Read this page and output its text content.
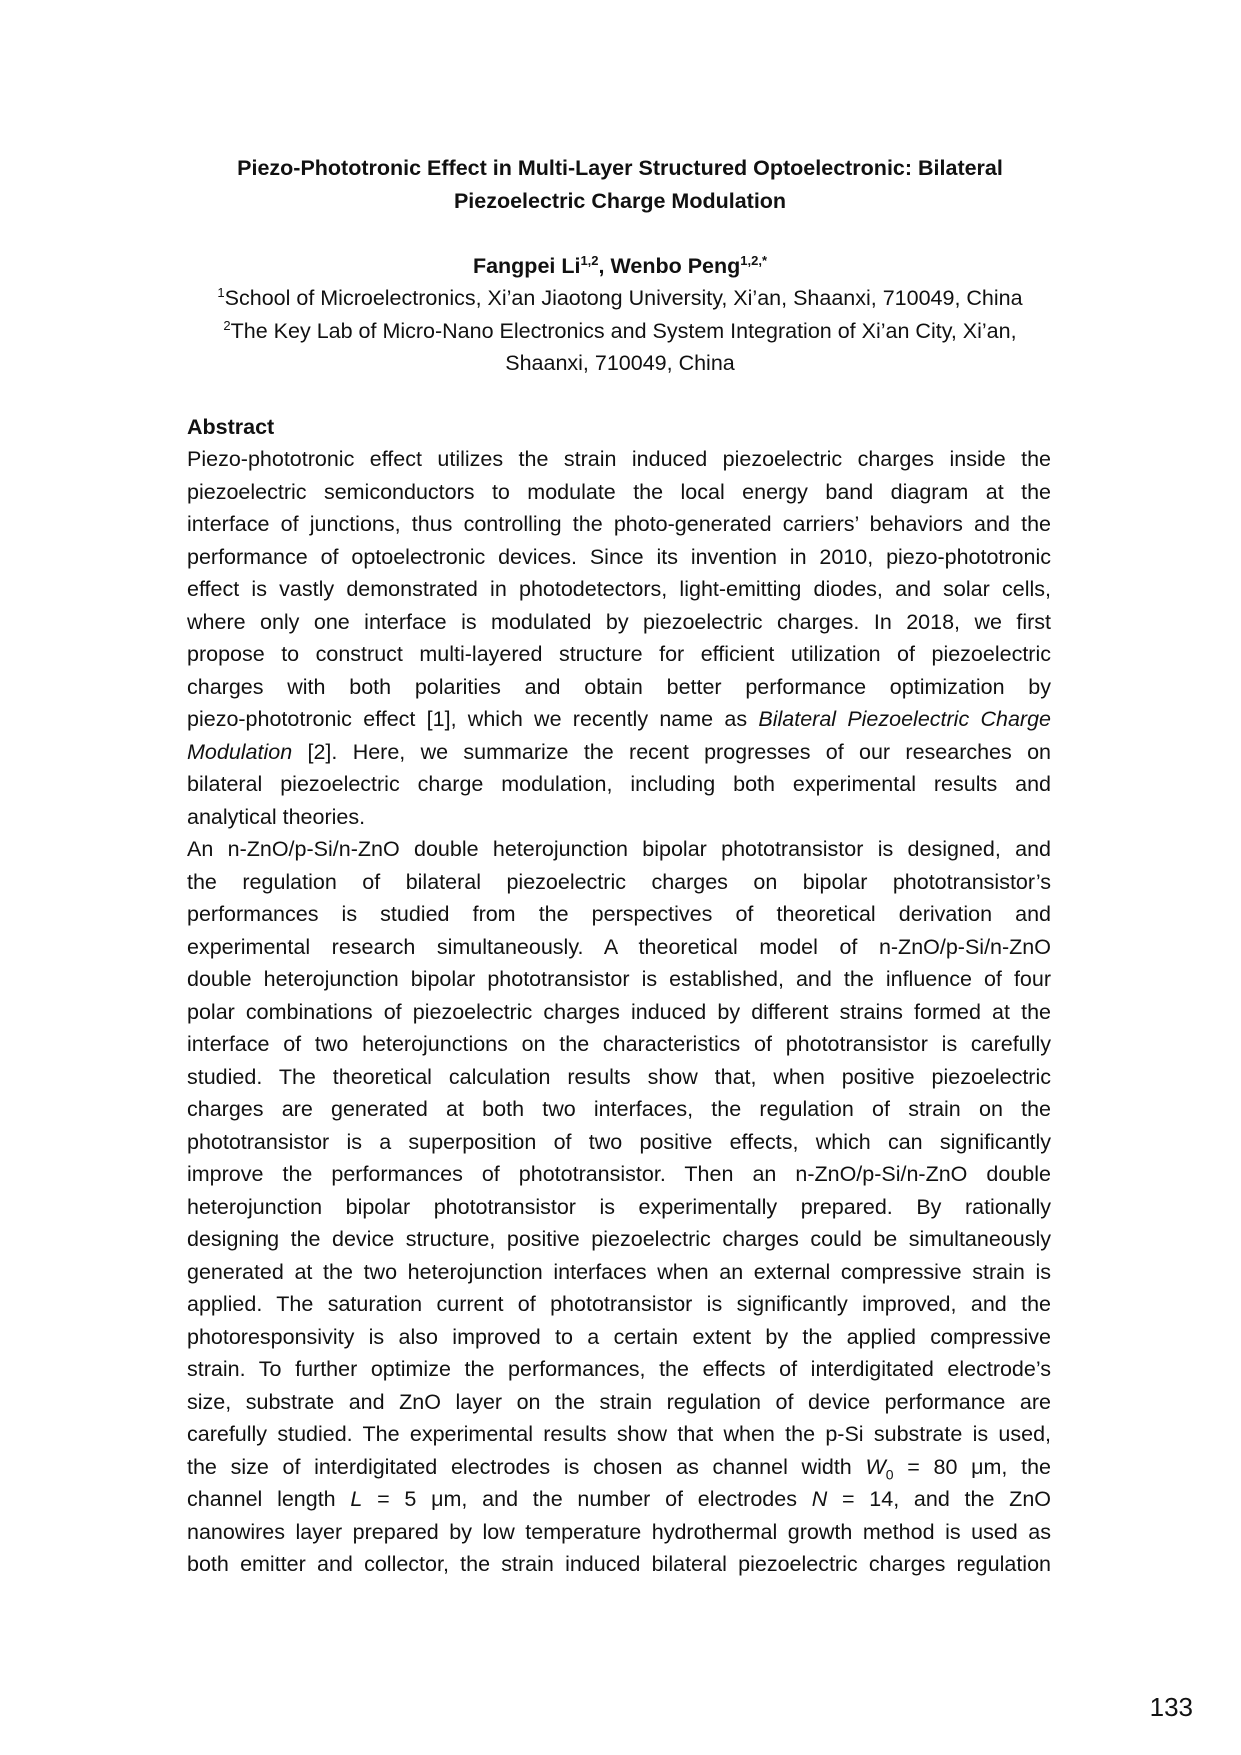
Piezo-Phototronic Effect in Multi-Layer Structured Optoelectronic: Bilateral
Piezoelectric Charge Modulation
Fangpei Li$^{1,2}$, Wenbo Peng$^{1,2,*}$
$^1$School of Microelectronics, Xi’an Jiaotong University, Xi’an, Shaanxi, 710049, China
$^2$The Key Lab of Micro-Nano Electronics and System Integration of Xi’an City, Xi’an,
Shaanxi, 710049, China
Abstract
Piezo-phototronic effect utilizes the strain induced piezoelectric charges inside the
piezoelectric semiconductors to modulate the local energy band diagram at the
interface of junctions, thus controlling the photo-generated carriers’ behaviors and the
performance of optoelectronic devices. Since its invention in 2010, piezo-phototronic
effect is vastly demonstrated in photodetectors, light-emitting diodes, and solar cells,
where only one interface is modulated by piezoelectric charges. In 2018, we first
propose to construct multi-layered structure for efficient utilization of piezoelectric
charges with both polarities and obtain better performance optimization by
piezo-phototronic effect [1], which we recently name as Bilateral Piezoelectric Charge
Modulation [2]. Here, we summarize the recent progresses of our researches on
bilateral piezoelectric charge modulation, including both experimental results and
analytical theories.
An n-ZnO/p-Si/n-ZnO double heterojunction bipolar phototransistor is designed, and
the regulation of bilateral piezoelectric charges on bipolar phototransistor’s
performances is studied from the perspectives of theoretical derivation and
experimental research simultaneously. A theoretical model of n-ZnO/p-Si/n-ZnO
double heterojunction bipolar phototransistor is established, and the influence of four
polar combinations of piezoelectric charges induced by different strains formed at the
interface of two heterojunctions on the characteristics of phototransistor is carefully
studied. The theoretical calculation results show that, when positive piezoelectric
charges are generated at both two interfaces, the regulation of strain on the
phototransistor is a superposition of two positive effects, which can significantly
improve the performances of phototransistor. Then an n-ZnO/p-Si/n-ZnO double
heterojunction bipolar phototransistor is experimentally prepared. By rationally
designing the device structure, positive piezoelectric charges could be simultaneously
generated at the two heterojunction interfaces when an external compressive strain is
applied. The saturation current of phototransistor is significantly improved, and the
photoresponsivity is also improved to a certain extent by the applied compressive
strain. To further optimize the performances, the effects of interdigitated electrode’s
size, substrate and ZnO layer on the strain regulation of device performance are
carefully studied. The experimental results show that when the p-Si substrate is used,
the size of interdigitated electrodes is chosen as channel width $W_0 = 80$ μm, the
channel length L = 5 μm, and the number of electrodes N = 14, and the ZnO
nanowires layer prepared by low temperature hydrothermal growth method is used as
both emitter and collector, the strain induced bilateral piezoelectric charges regulation
133
